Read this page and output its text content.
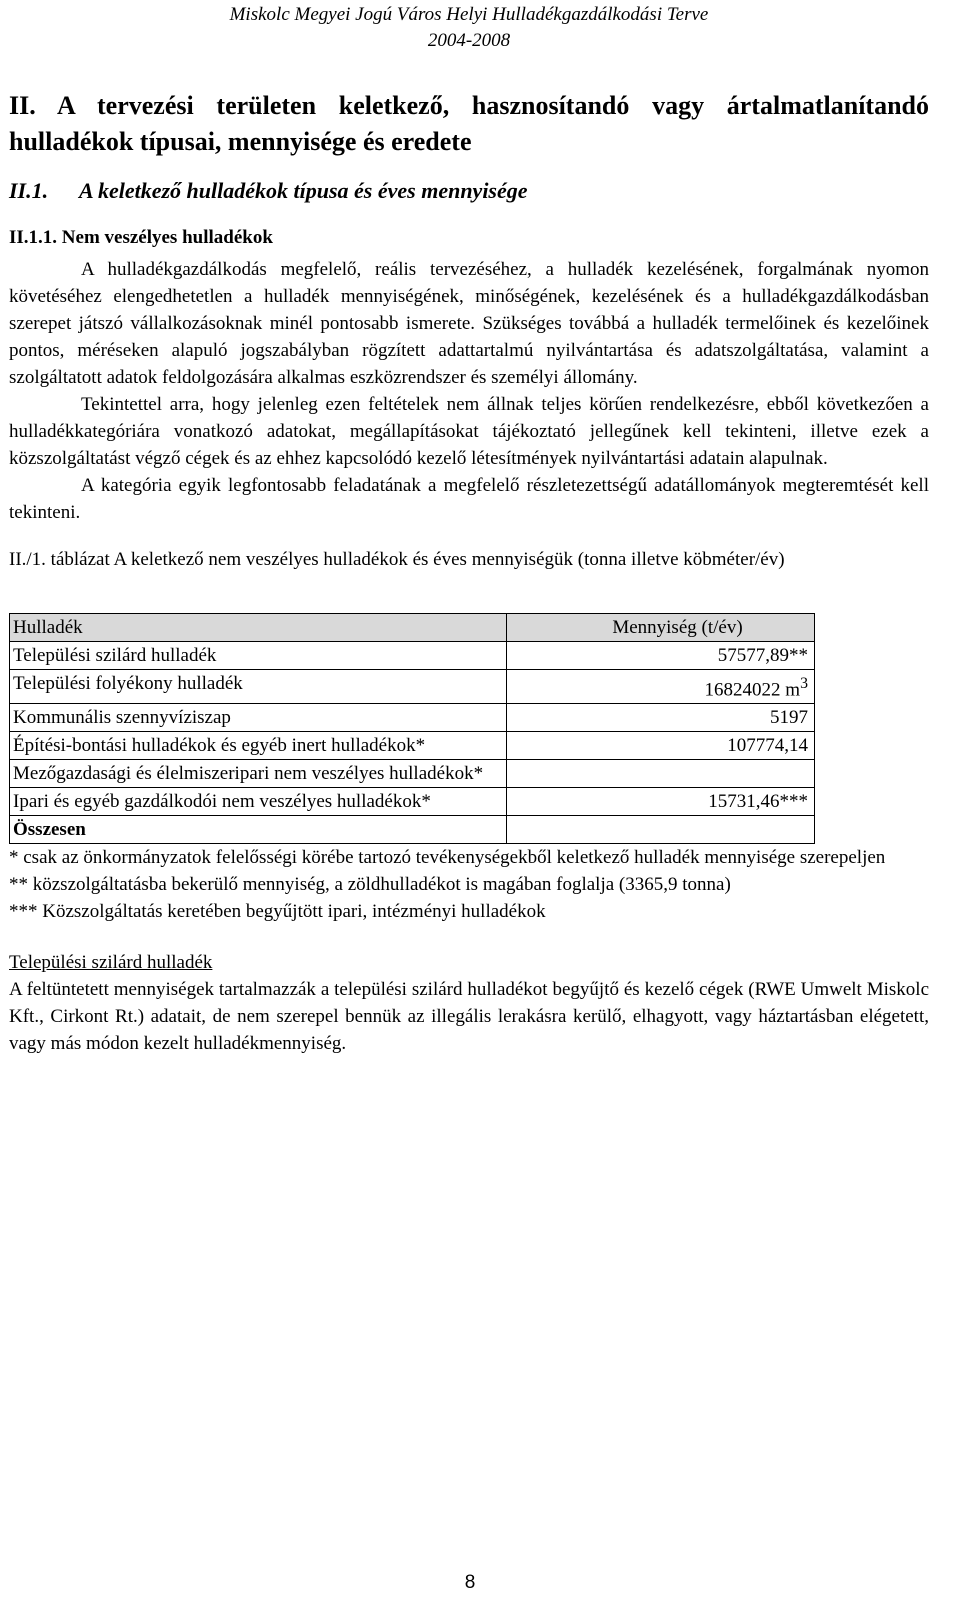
Miskolc Megyei Jogú Város Helyi Hulladékgazdálkodási Terve
2004-2008
II. A tervezési területen keletkező, hasznosítandó vagy ártalmatlanítandó hulladékok típusai, mennyisége és eredete
II.1. A keletkező hulladékok típusa és éves mennyisége
II.1.1. Nem veszélyes hulladékok

A hulladékgazdálkodás megfelelő, reális tervezéséhez, a hulladék kezelésének, forgalmának nyomon követéséhez elengedhetetlen a hulladék mennyiségének, minőségének, kezelésének és a hulladékgazdálkodásban szerepet játszó vállalkozásoknak minél pontosabb ismerete. Szükséges továbbá a hulladék termelőinek és kezelőinek pontos, méréseken alapuló jogszabályban rögzített adattartalmú nyilvántartása és adatszolgáltatása, valamint a szolgáltatott adatok feldolgozására alkalmas eszközrendszer és személyi állomány.

Tekintettel arra, hogy jelenleg ezen feltételek nem állnak teljes körűen rendelkezésre, ebből következően a hulladékkategóriára vonatkozó adatokat, megállapításokat tájékoztató jellegűnek kell tekinteni, illetve ezek a közszolgáltatást végző cégek és az ehhez kapcsolódó kezelő létesítmények nyilvántartási adatain alapulnak.

A kategória egyik legfontosabb feladatának a megfelelő részletezettségű adatállományok megteremtését kell tekinteni.

II./1. táblázat A keletkező nem veszélyes hulladékok és éves mennyiségük (tonna illetve köbméter/év)

Hulladék	Mennyiség (t/év)
Települési szilárd hulladék	57577,89**
Települési folyékony hulladék	16824022 $m^3$
Kommunális szennyvíziszap	5197
Építési-bontási hulladékok és egyéb inert hulladékok*	107774,14
Mezőgazdasági és élelmiszeripari nem veszélyes hulladékok*	
Ipari és egyéb gazdálkodói nem veszélyes hulladékok*	15731,46***
Összesen	
* csak az önkormányzatok felelősségi körébe tartozó tevékenységekből keletkező hulladék mennyisége szerepeljen
** közszolgáltatásba bekerülő mennyiség, a zöldhulladékot is magában foglalja (3365,9 tonna)
*** Közszolgáltatás keretében begyűjtött ipari, intézményi hulladékok
Települési szilárd hulladék

A feltüntetett mennyiségek tartalmazzák a települési szilárd hulladékot begyűjtő és kezelő cégek (RWE Umwelt Miskolc Kft., Cirkont Rt.) adatait, de nem szerepel bennük az illegális lerakásra kerülő, elhagyott, vagy háztartásban elégetett, vagy más módon kezelt hulladékmennyiség.

8
